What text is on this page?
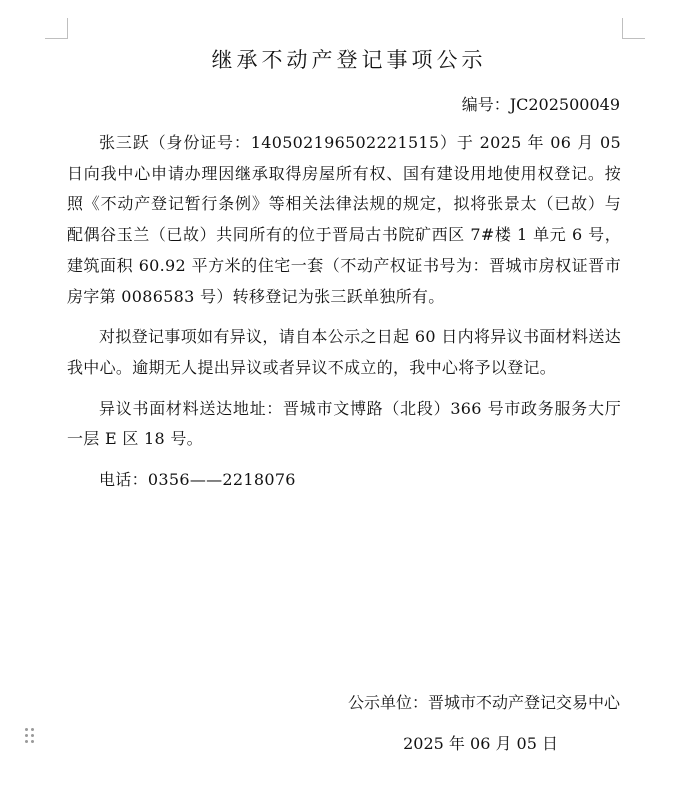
继承不动产登记事项公示
编号：JC202500049

张三跃（身份证号：140502196502221515）于 2025 年 06 月 05 日向我中心申请办理因继承取得房屋所有权、国有建设用地使用权登记。按照《不动产登记暂行条例》等相关法律法规的规定，拟将张景太（已故）与配偶谷玉兰（已故）共同所有的位于晋局古书院矿西区 7#楼 1 单元 6 号，建筑面积 60.92 平方米的住宅一套（不动产权证书号为：晋城市房权证晋市房字第 0086583 号）转移登记为张三跃单独所有。

对拟登记事项如有异议，请自本公示之日起 60 日内将异议书面材料送达我中心。逾期无人提出异议或者异议不成立的，我中心将予以登记。

异议书面材料送达地址：晋城市文博路（北段）366 号市政务服务大厅一层 E 区 18 号。

电话：0356——2218076

公示单位：晋城市不动产登记交易中心
2025 年 06 月 05 日
